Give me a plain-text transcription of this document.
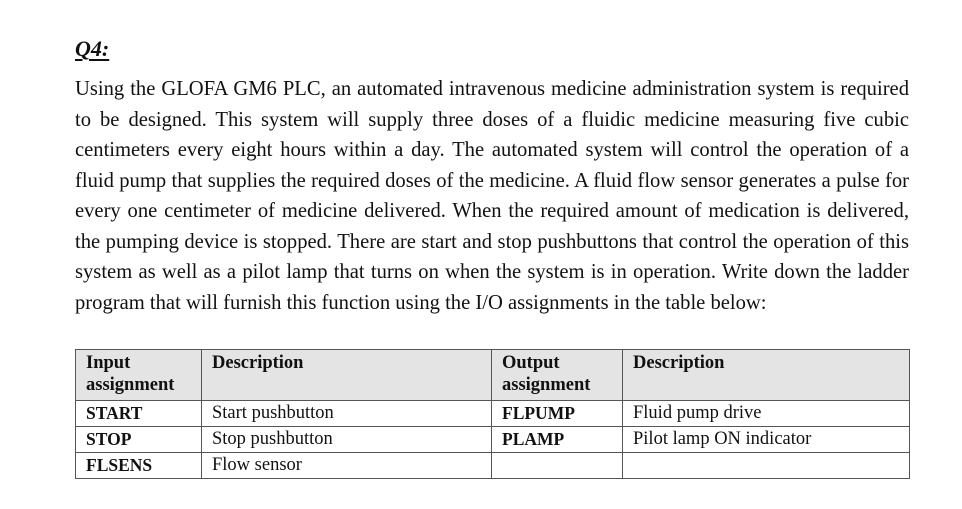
Q4:
Using the GLOFA GM6 PLC, an automated intravenous medicine administration system is required to be designed. This system will supply three doses of a fluidic medicine measuring five cubic centimeters every eight hours within a day. The automated system will control the operation of a fluid pump that supplies the required doses of the medicine. A fluid flow sensor generates a pulse for every one centimeter of medicine delivered. When the required amount of medication is delivered, the pumping device is stopped. There are start and stop pushbuttons that control the operation of this system as well as a pilot lamp that turns on when the system is in operation. Write down the ladder program that will furnish this function using the I/O assignments in the table below:
Input assignment	Description	Output assignment	Description
START	Start pushbutton	FLPUMP	Fluid pump drive
STOP	Stop pushbutton	PLAMP	Pilot lamp ON indicator
FLSENS	Flow sensor		
